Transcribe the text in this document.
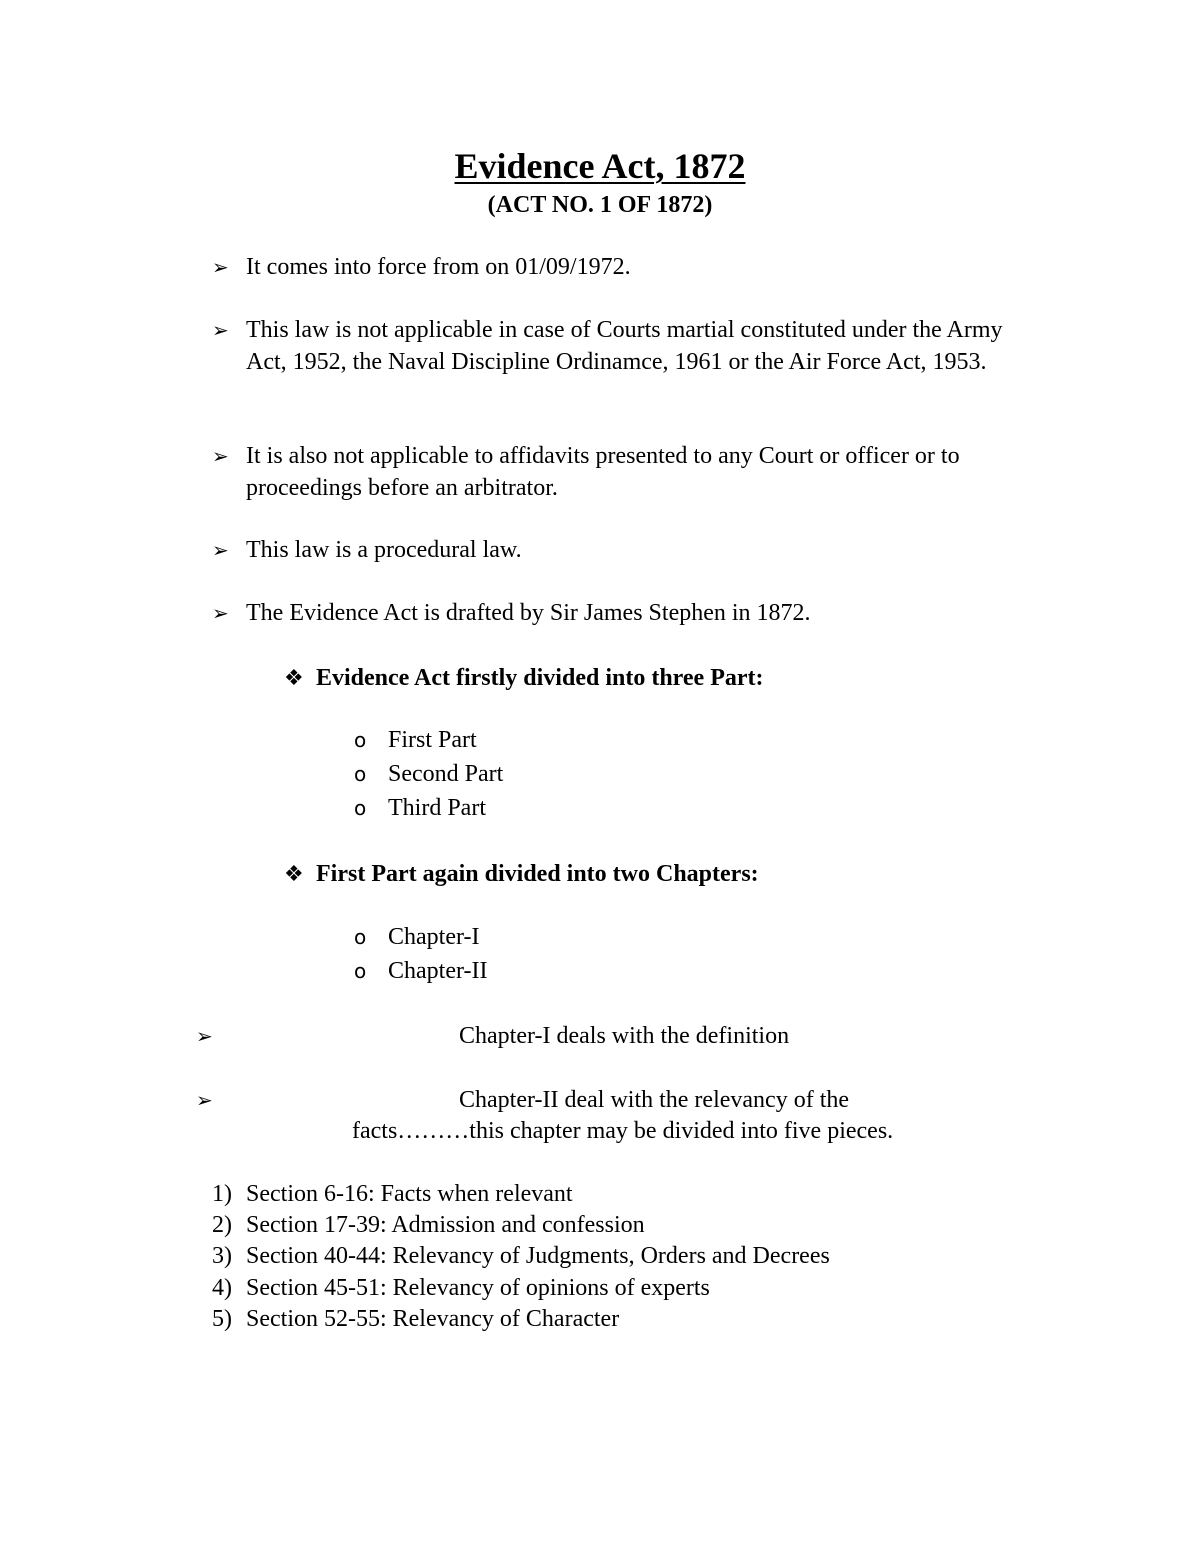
Evidence Act, 1872
(ACT NO. 1 OF 1872)
➢ It comes into force from on 01/09/1972.
➢ This law is not applicable in case of Courts martial constituted under the Army Act, 1952, the Naval Discipline Ordinamce, 1961 or the Air Force Act, 1953.
➢ It is also not applicable to affidavits presented to any Court or officer or to proceedings before an arbitrator.
➢ This law is a procedural law.
➢ The Evidence Act is drafted by Sir James Stephen in 1872.
❖ Evidence Act firstly divided into three Part:
o First Part
o Second Part
o Third Part
❖ First Part again divided into two Chapters:
o Chapter-I
o Chapter-II
➢	Chapter-I deals with the definition
➢	Chapter-II deal with the relevancy of the
facts………this chapter may be divided into five pieces.
1) Section 6-16: Facts when relevant
2) Section 17-39: Admission and confession
3) Section 40-44: Relevancy of Judgments, Orders and Decrees
4) Section 45-51: Relevancy of opinions of experts
5) Section 52-55: Relevancy of Character
